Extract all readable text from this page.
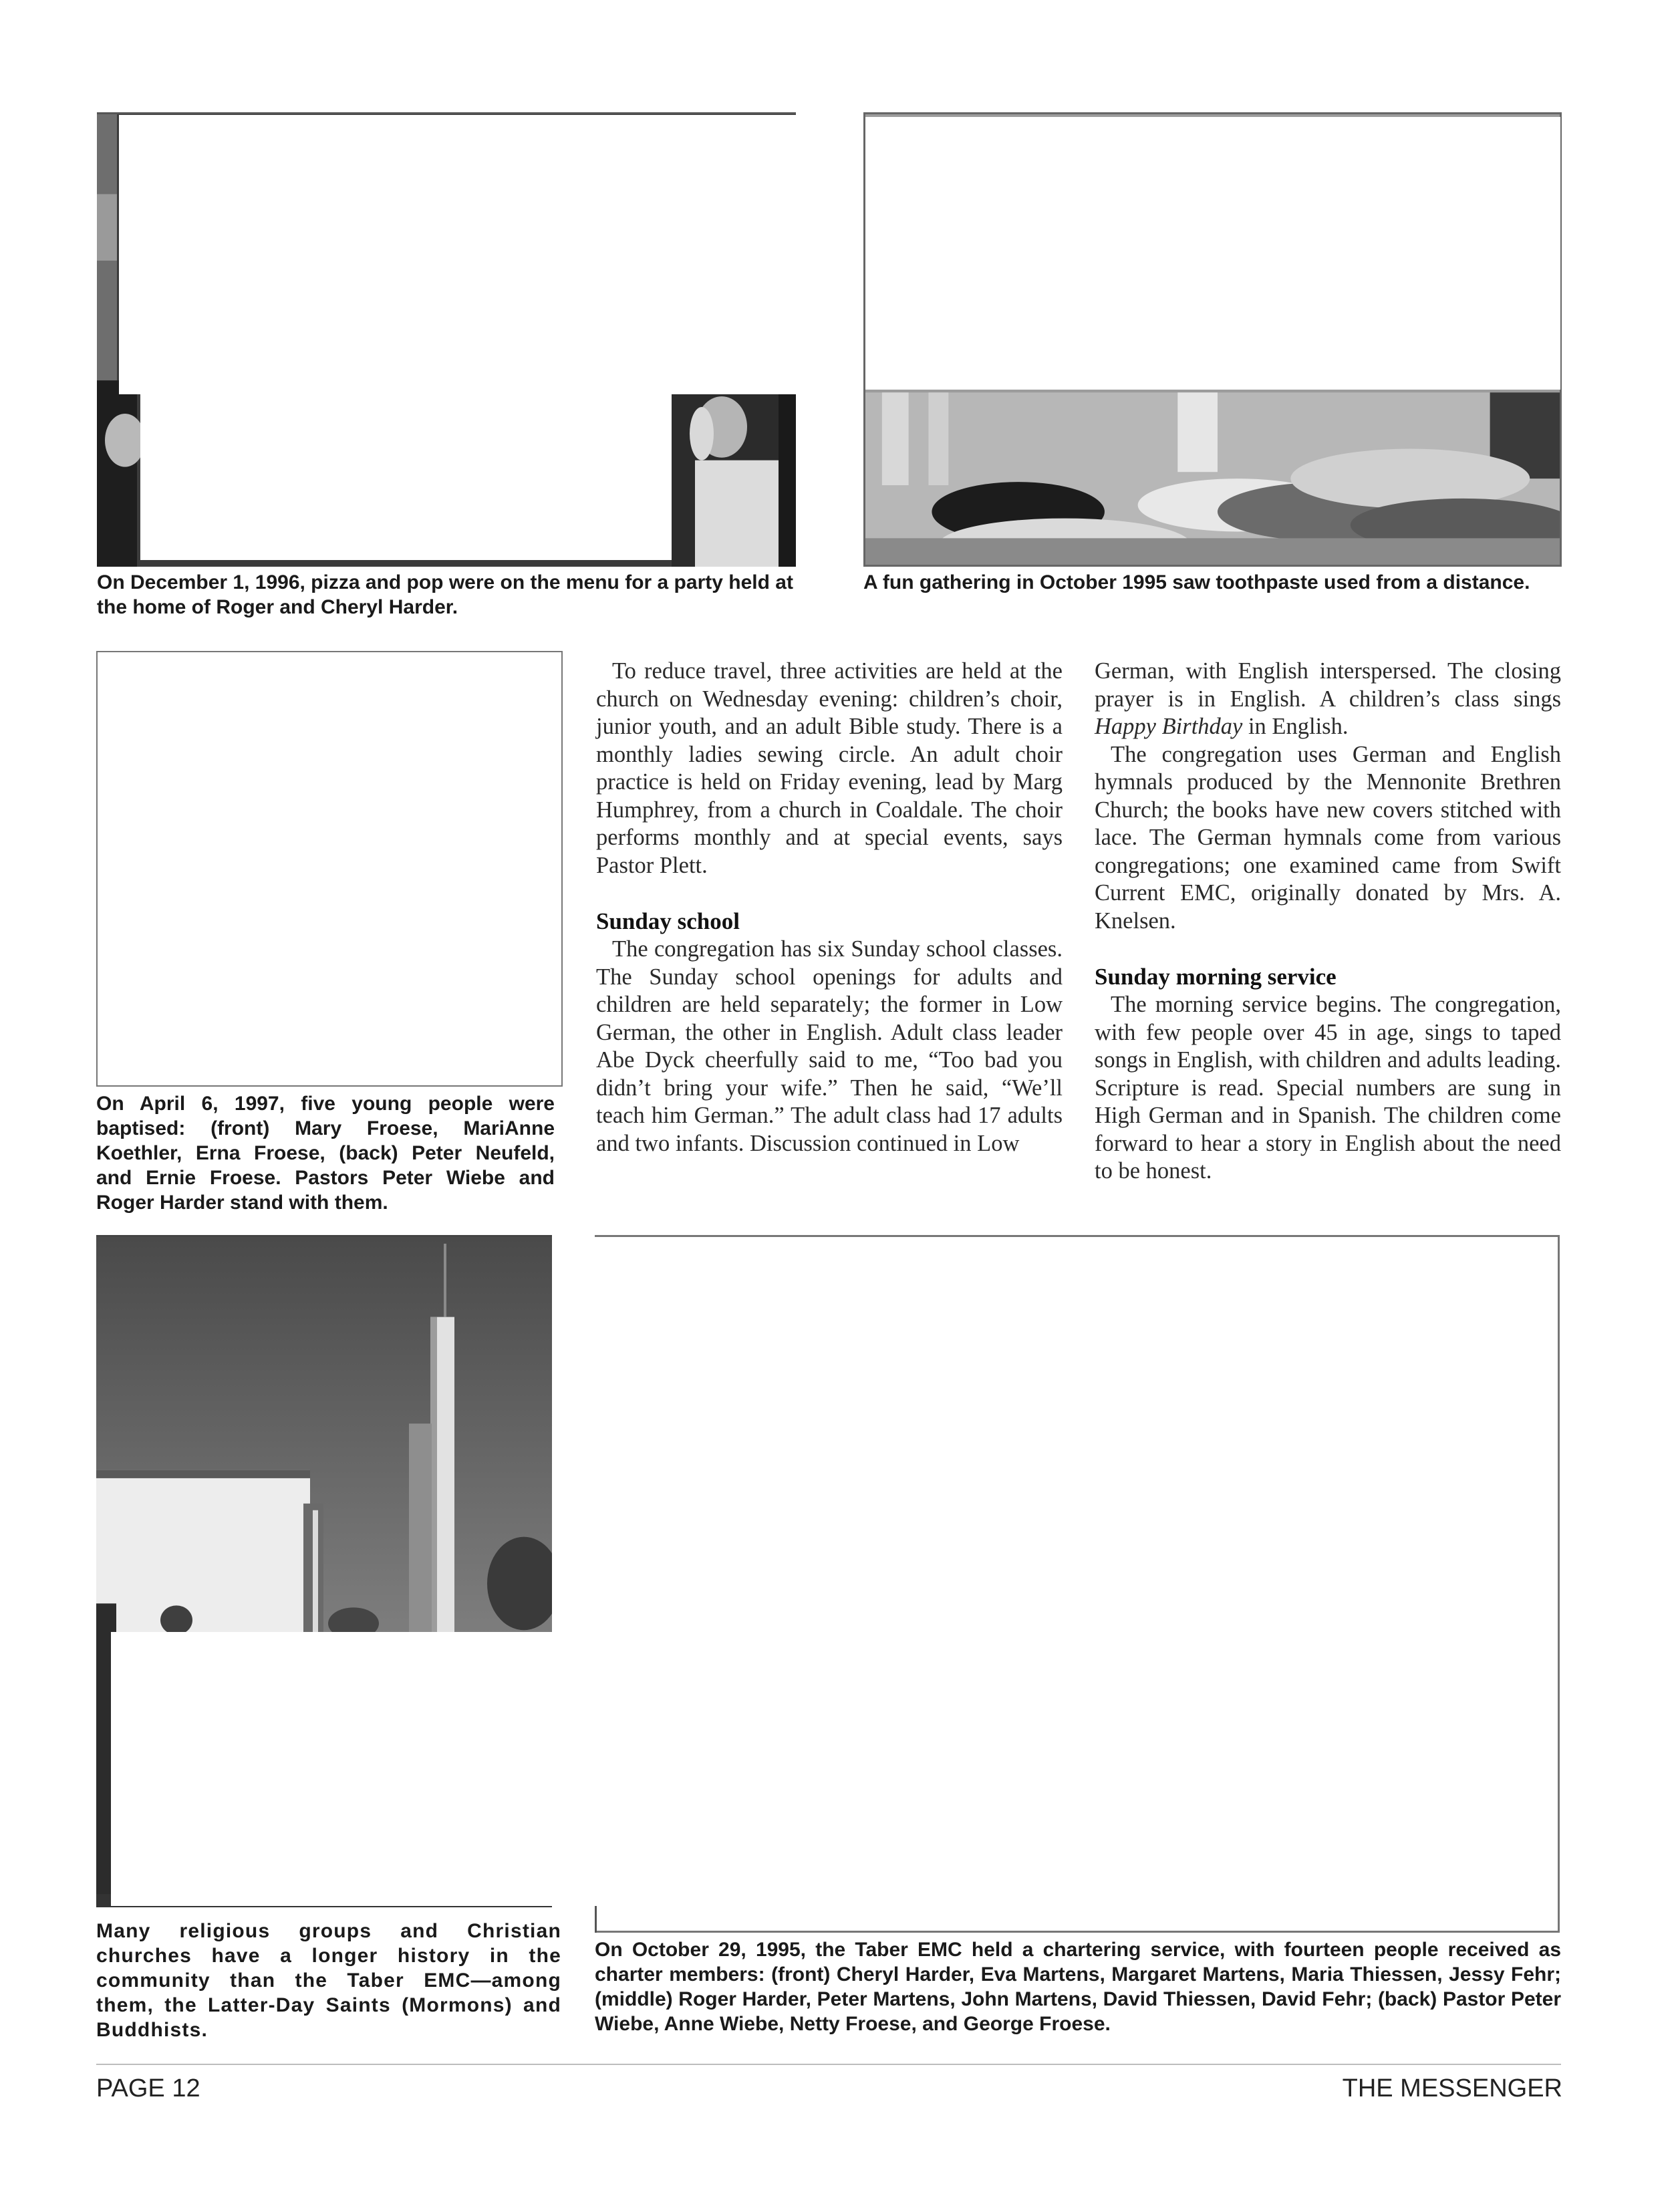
On December 1, 1996, pizza and pop were on the menu for a party held at the home of Roger and Cheryl Harder.
A fun gathering in October 1995 saw toothpaste used from a distance.
On April 6, 1997, five young people were baptised: (front) Mary Froese, MariAnne Koethler, Erna Froese, (back) Peter Neufeld, and Ernie Froese. Pastors Peter Wiebe and Roger Harder stand with them.

To reduce travel, three activities are held at the church on Wednesday evening: children’s choir, junior youth, and an adult Bible study. There is a monthly ladies sewing circle. An adult choir practice is held on Friday evening, lead by Marg Humphrey, from a church in Coaldale. The choir performs monthly and at special events, says Pastor Plett.

Sunday school

The congregation has six Sunday school classes. The Sunday school openings for adults and children are held separately; the former in Low German, the other in English. Adult class leader Abe Dyck cheerfully said to me, “Too bad you didn’t bring your wife.” Then he said, “We’ll teach him German.” The adult class had 17 adults and two infants. Discussion continued in Low

German, with English interspersed. The closing prayer is in English. A children’s class sings Happy Birthday in English.

The congregation uses German and English hymnals produced by the Mennonite Brethren Church; the books have new covers stitched with lace. The German hymnals come from various congregations; one examined came from Swift Current EMC, originally donated by Mrs. A. Knelsen.

Sunday morning service

The morning service begins. The congregation, with few people over 45 in age, sings to taped songs in English, with children and adults leading. Scripture is read. Special numbers are sung in High German and in Spanish. The children come forward to hear a story in English about the need to be honest.

Many religious groups and Christian churches have a longer history in the community than the Taber EMC—among them, the Latter-Day Saints (Mormons) and Buddhists.
On October 29, 1995, the Taber EMC held a chartering service, with fourteen people received as charter members: (front) Cheryl Harder, Eva Martens, Margaret Martens, Maria Thiessen, Jessy Fehr; (middle) Roger Harder, Peter Martens, John Martens, David Thiessen, David Fehr; (back) Pastor Peter Wiebe, Anne Wiebe, Netty Froese, and George Froese.
PAGE 12	THE MESSENGER
